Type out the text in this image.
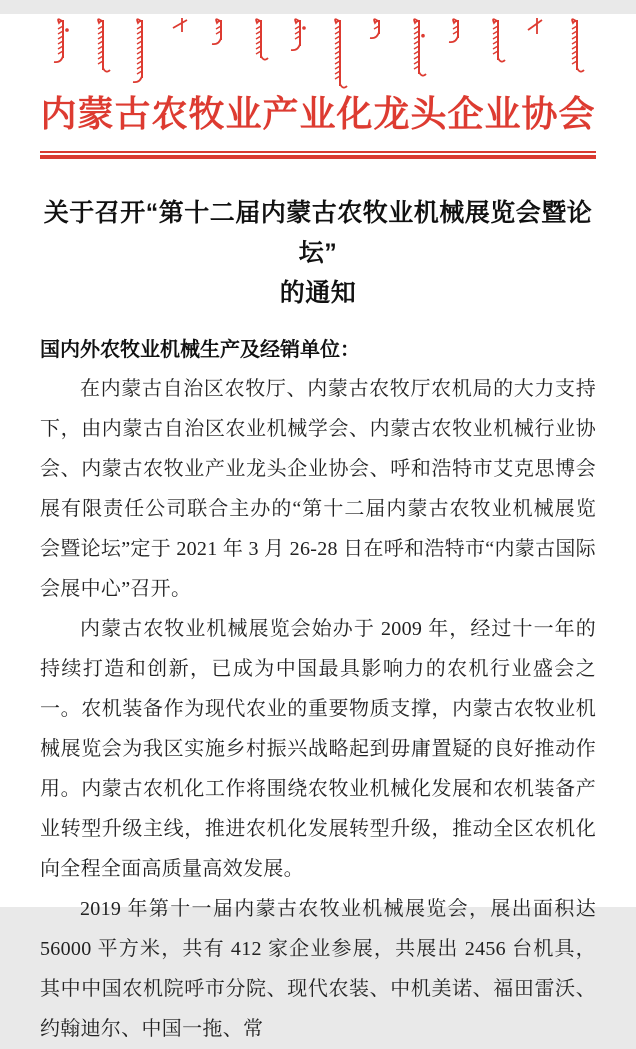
内蒙古农牧业产业化龙头企业协会
关于召开“第十二届内蒙古农牧业机械展览会暨论坛”
的通知
国内外农牧业机械生产及经销单位：

在内蒙古自治区农牧厅、内蒙古农牧厅农机局的大力支持下，由内蒙古自治区农业机械学会、内蒙古农牧业机械行业协会、内蒙古农牧业产业龙头企业协会、呼和浩特市艾克思博会展有限责任公司联合主办的“第十二届内蒙古农牧业机械展览会暨论坛”定于 2021 年 3 月 26-28 日在呼和浩特市“内蒙古国际会展中心”召开。

内蒙古农牧业机械展览会始办于 2009 年，经过十一年的持续打造和创新，已成为中国最具影响力的农机行业盛会之一。农机装备作为现代农业的重要物质支撑，内蒙古农牧业机械展览会为我区实施乡村振兴战略起到毋庸置疑的良好推动作用。内蒙古农机化工作将围绕农牧业机械化发展和农机装备产业转型升级主线，推进农机化发展转型升级，推动全区农机化向全程全面高质量高效发展。

2019 年第十一届内蒙古农牧业机械展览会，展出面积达 56000 平方米，共有 412 家企业参展，共展出 2456 台机具，其中中国农机院呼市分院、现代农装、中机美诺、福田雷沃、约翰迪尔、中国一拖、常
